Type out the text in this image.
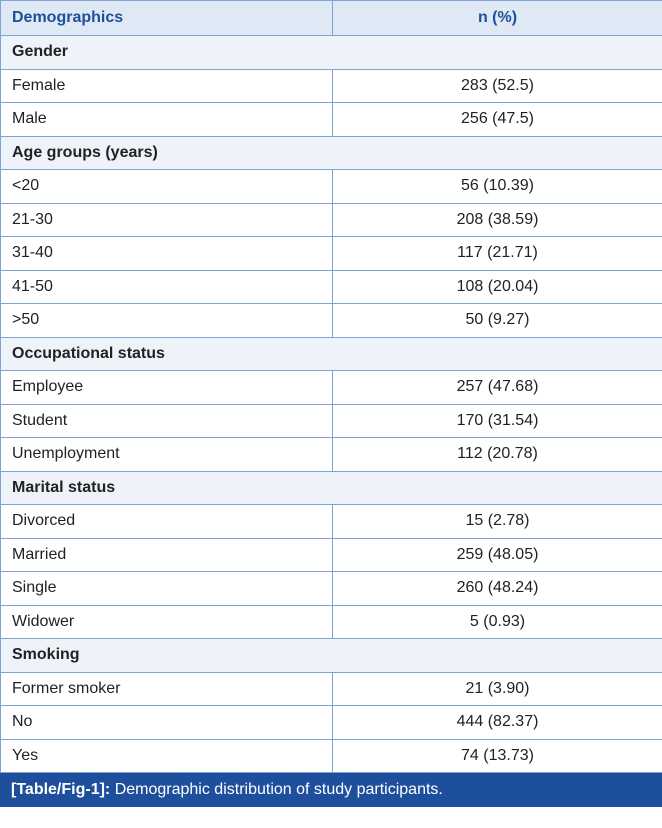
Demographics	n (%)
Gender	
Female	283 (52.5)
Male	256 (47.5)
Age groups (years)	
<20	56 (10.39)
21-30	208 (38.59)
31-40	117 (21.71)
41-50	108 (20.04)
>50	50 (9.27)
Occupational status	
Employee	257 (47.68)
Student	170 (31.54)
Unemployment	112 (20.78)
Marital status	
Divorced	15 (2.78)
Married	259 (48.05)
Single	260 (48.24)
Widower	5 (0.93)
Smoking	
Former smoker	21 (3.90)
No	444 (82.37)
Yes	74 (13.73)
[Table/Fig-1]: Demographic distribution of study participants.
